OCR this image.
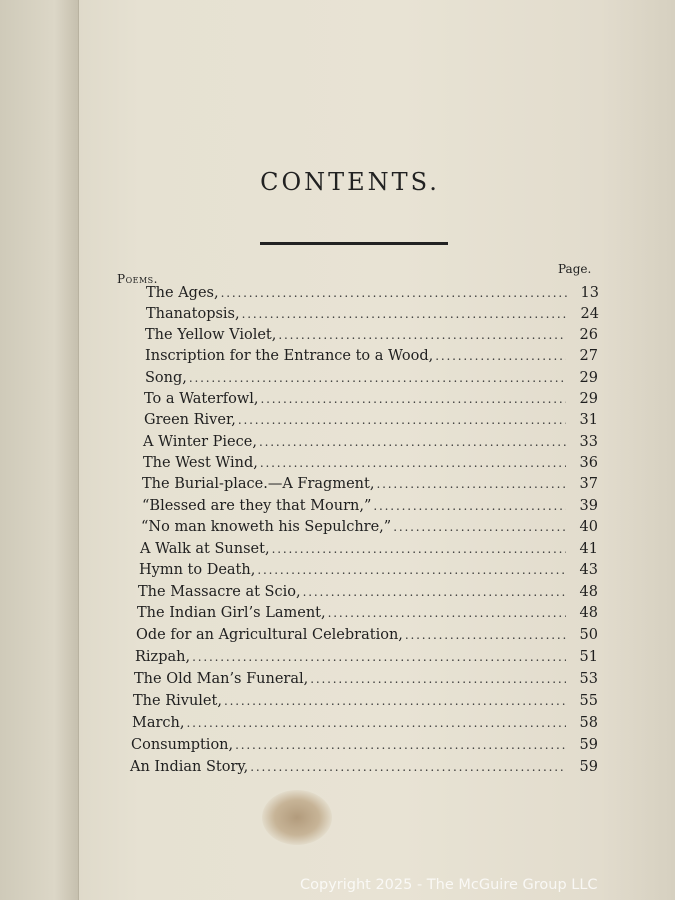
CONTENTS.
Poems.
Page.
The Ages, . . .	13
Thanatopsis, . . .	24
The Yellow Violet, . . .	26
Inscription for the Entrance to a Wood, . . .	27
Song, . . .	29
To a Waterfowl, . . .	29
Green River, . . .	31
A Winter Piece, . . .	33
The West Wind, . . .	36
The Burial-place.—A Fragment, . . .	37
“Blessed are they that Mourn,” . . .	39
“No man knoweth his Sepulchre,” . . .	40
A Walk at Sunset, . . .	41
Hymn to Death, . . .	43
The Massacre at Scio, . . .	48
The Indian Girl’s Lament, . . .	48
Ode for an Agricultural Celebration, . . .	50
Rizpah, . . .	51
The Old Man’s Funeral, . . .	53
The Rivulet, . . .	55
March, . . .	58
Consumption, . . .	59
An Indian Story, . . .	59
Copyright 2025 - The McGuire Group LLC
